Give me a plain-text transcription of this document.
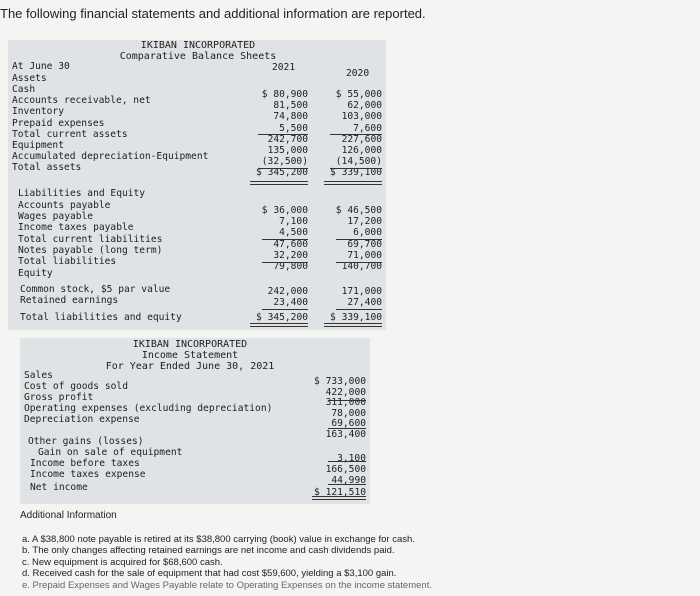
The following financial statements and additional information are reported.
IKIBAN INCORPORATED
Comparative Balance Sheets
At June 30	2021
2020
Assets
Cash
Accounts receivable, net
Inventory
Prepaid expenses
Total current assets
Equipment
Accumulated depreciation-Equipment
Total assets
$ 80,900
81,500
74,800
5,500
242,700
135,000
(32,500)
$ 345,200
$ 55,000
62,000
103,000
7,600
227,600
126,000
(14,500)
$ 339,100
Liabilities and Equity
Accounts payable
Wages payable
Income taxes payable
Total current liabilities
Notes payable (long term)
Total liabilities
$ 36,000
7,100
4,500
47,600
32,200
79,800
$ 46,500
17,200
6,000
69,700
71,000
140,700
Equity
Common stock, $5 par value
Retained earnings
Total liabilities and equity
242,000
23,400
$ 345,200
171,000
27,400
$ 339,100
IKIBAN INCORPORATED
Income Statement
For Year Ended June 30, 2021
Sales
Cost of goods sold
Gross profit
Operating expenses (excluding depreciation)
Depreciation expense
Other gains (losses)
Gain on sale of equipment
Income before taxes
Income taxes expense
Net income
$ 733,000
422,000
311,000
78,000
69,600
163,400
3,100
166,500
44,990
$ 121,510
Additional Information
a. A $38,800 note payable is retired at its $38,800 carrying (book) value in exchange for cash.
b. The only changes affecting retained earnings are net income and cash dividends paid.
c. New equipment is acquired for $68,600 cash.
d. Received cash for the sale of equipment that had cost $59,600, yielding a $3,100 gain.
e. Prepaid Expenses and Wages Payable relate to Operating Expenses on the income statement.
